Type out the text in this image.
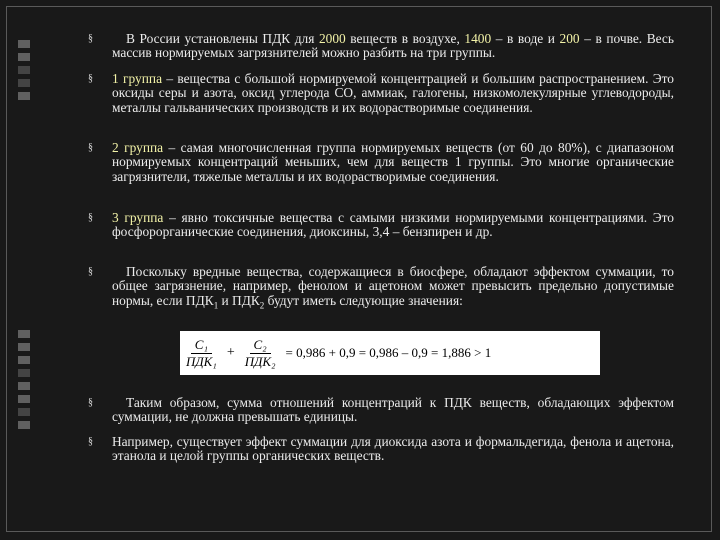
§
§
§
§
§
§
§
В России установлены ПДК для 2000 веществ в воздухе, 1400 – в воде и 200 – в почве. Весь массив нормируемых загрязнителей можно разбить на три группы.
1 группа – вещества с большой нормируемой концентрацией и большим распространением. Это оксиды серы и азота, оксид углерода CO, аммиак, галогены, низкомолекулярные углеводороды, металлы гальванических производств и их водорастворимые соединения.
2 группа – самая многочисленная группа нормируемых веществ (от 60 до 80%), с диапазоном нормируемых концентраций меньших, чем для веществ 1 группы. Это многие органические загрязнители, тяжелые металлы и их водорастворимые соединения.
3 группа – явно токсичные вещества с самыми низкими нормируемыми концентрациями. Это фосфорорганические соединения, диоксины, 3,4 – бензпирен и др.
Поскольку вредные вещества, содержащиеся в биосфере, обладают эффектом суммации, то общее загрязнение, например, фенолом и ацетоном может превысить предельно допустимые нормы, если $ПДК_1$ и $ПДК_2$ будут иметь следующие значения:
$\frac{\text{C₁}}{\text{ПДК₁}} + \frac{\text{C₂}}{\text{ПДК₂}} = 0,986 + 0,9 = 0,986 - 0,9 = 1,886 > 1$
Таким образом, сумма отношений концентраций к ПДК веществ, обладающих эффектом суммации, не должна превышать единицы.
Например, существует эффект суммации для диоксида азота и формальдегида, фенола и ацетона, этанола и целой группы органических веществ.
